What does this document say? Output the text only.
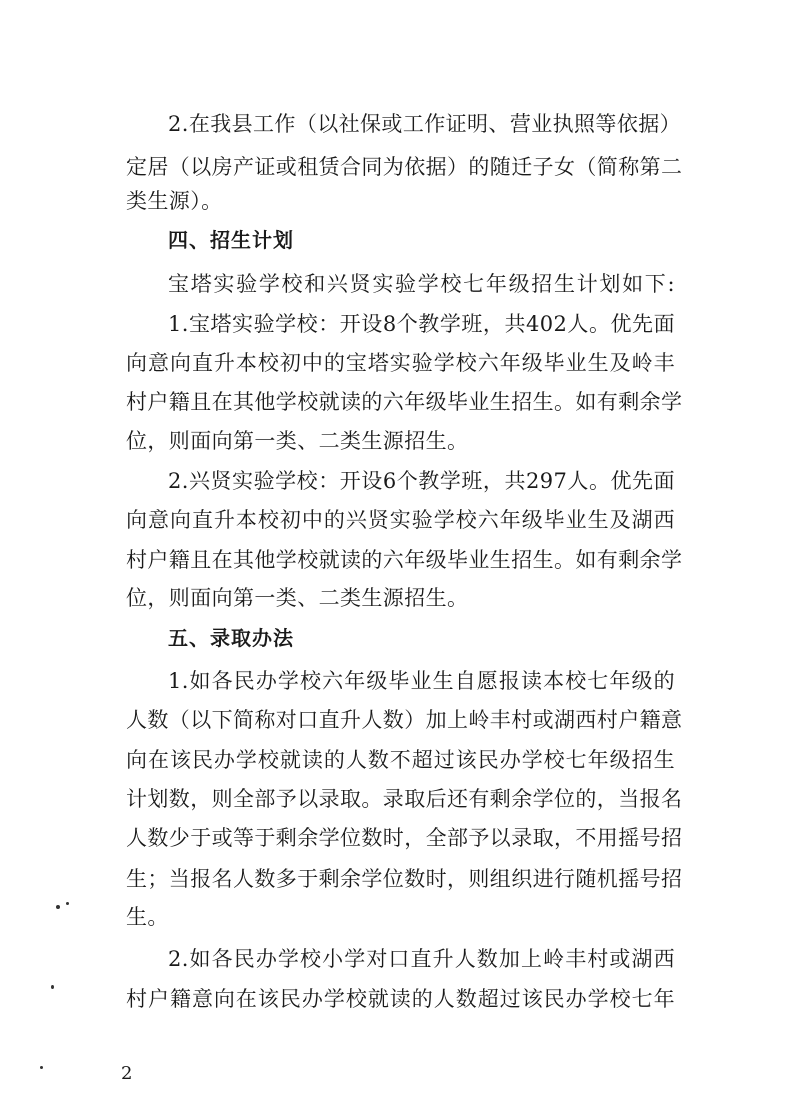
2.在我县工作（以社保或工作证明、营业执照等依据）
定居（以房产证或租赁合同为依据）的随迁子女（简称第二
类生源）。
四、招生计划
宝塔实验学校和兴贤实验学校七年级招生计划如下:
1.宝塔实验学校：开设8个教学班，共402人。优先面
向意向直升本校初中的宝塔实验学校六年级毕业生及岭丰
村户籍且在其他学校就读的六年级毕业生招生。如有剩余学
位，则面向第一类、二类生源招生。
2.兴贤实验学校：开设6个教学班，共297人。优先面
向意向直升本校初中的兴贤实验学校六年级毕业生及湖西
村户籍且在其他学校就读的六年级毕业生招生。如有剩余学
位，则面向第一类、二类生源招生。
五、录取办法
1.如各民办学校六年级毕业生自愿报读本校七年级的
人数（以下简称对口直升人数）加上岭丰村或湖西村户籍意
向在该民办学校就读的人数不超过该民办学校七年级招生
计划数，则全部予以录取。录取后还有剩余学位的，当报名
人数少于或等于剩余学位数时，全部予以录取，不用摇号招
生；当报名人数多于剩余学位数时，则组织进行随机摇号招
生。
2.如各民办学校小学对口直升人数加上岭丰村或湖西
村户籍意向在该民办学校就读的人数超过该民办学校七年
2
